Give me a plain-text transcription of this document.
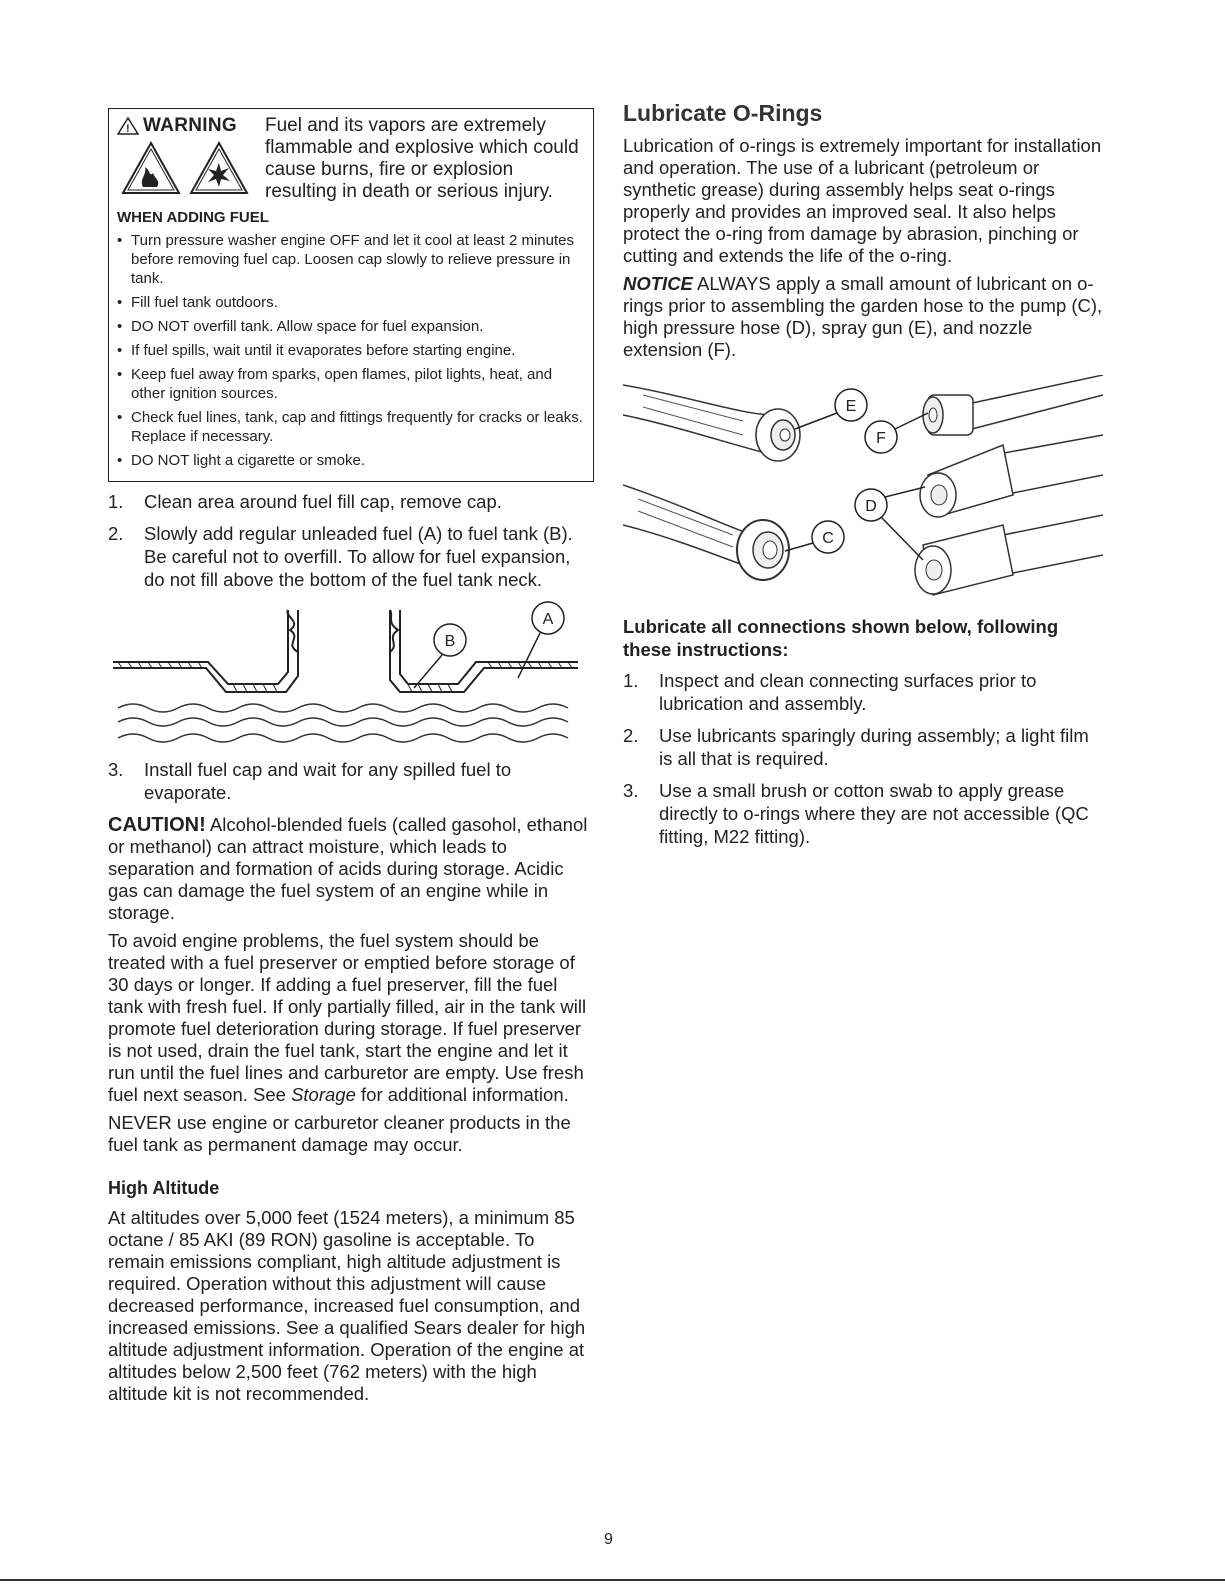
! WARNING Fuel and its vapors are extremely flammable and explosive which could cause burns, fire or explosion resulting in death or serious injury.
WHEN ADDING FUEL
• Turn pressure washer engine OFF and let it cool at least 2 minutes before removing fuel cap. Loosen cap slowly to relieve pressure in tank.
• Fill fuel tank outdoors.
• DO NOT overfill tank. Allow space for fuel expansion.
• If fuel spills, wait until it evaporates before starting engine.
• Keep fuel away from sparks, open flames, pilot lights, heat, and other ignition sources.
• Check fuel lines, tank, cap and fittings frequently for cracks or leaks. Replace if necessary.
• DO NOT light a cigarette or smoke.
1. Clean area around fuel fill cap, remove cap.
2. Slowly add regular unleaded fuel (A) to fuel tank (B). Be careful not to overfill. To allow for fuel expansion, do not fill above the bottom of the fuel tank neck.
B
A
3. Install fuel cap and wait for any spilled fuel to evaporate.

CAUTION! Alcohol-blended fuels (called gasohol, ethanol or methanol) can attract moisture, which leads to separation and formation of acids during storage. Acidic gas can damage the fuel system of an engine while in storage.

To avoid engine problems, the fuel system should be treated with a fuel preserver or emptied before storage of 30 days or longer. If adding a fuel preserver, fill the fuel tank with fresh fuel. If only partially filled, air in the tank will promote fuel deterioration during storage. If fuel preserver is not used, drain the fuel tank, start the engine and let it run until the fuel lines and carburetor are empty. Use fresh fuel next season. See Storage for additional information.

NEVER use engine or carburetor cleaner products in the fuel tank as permanent damage may occur.

High Altitude

At altitudes over 5,000 feet (1524 meters), a minimum 85 octane / 85 AKI (89 RON) gasoline is acceptable. To remain emissions compliant, high altitude adjustment is required. Operation without this adjustment will cause decreased performance, increased fuel consumption, and increased emissions. See a qualified Sears dealer for high altitude adjustment information. Operation of the engine at altitudes below 2,500 feet (762 meters) with the high altitude kit is not recommended.

Lubricate O-Rings

Lubrication of o-rings is extremely important for installation and operation. The use of a lubricant (petroleum or synthetic grease) during assembly helps seat o-rings properly and provides an improved seal. It also helps protect the o-ring from damage by abrasion, pinching or cutting and extends the life of the o-ring.

NOTICE ALWAYS apply a small amount of lubricant on o-rings prior to assembling the garden hose to the pump (C), high pressure hose (D), spray gun (E), and nozzle extension (F).

E
F
D
C
Lubricate all connections shown below, following these instructions:
1. Inspect and clean connecting surfaces prior to lubrication and assembly.
2. Use lubricants sparingly during assembly; a light film is all that is required.
3. Use a small brush or cotton swab to apply grease directly to o-rings where they are not accessible (QC fitting, M22 fitting).
9
